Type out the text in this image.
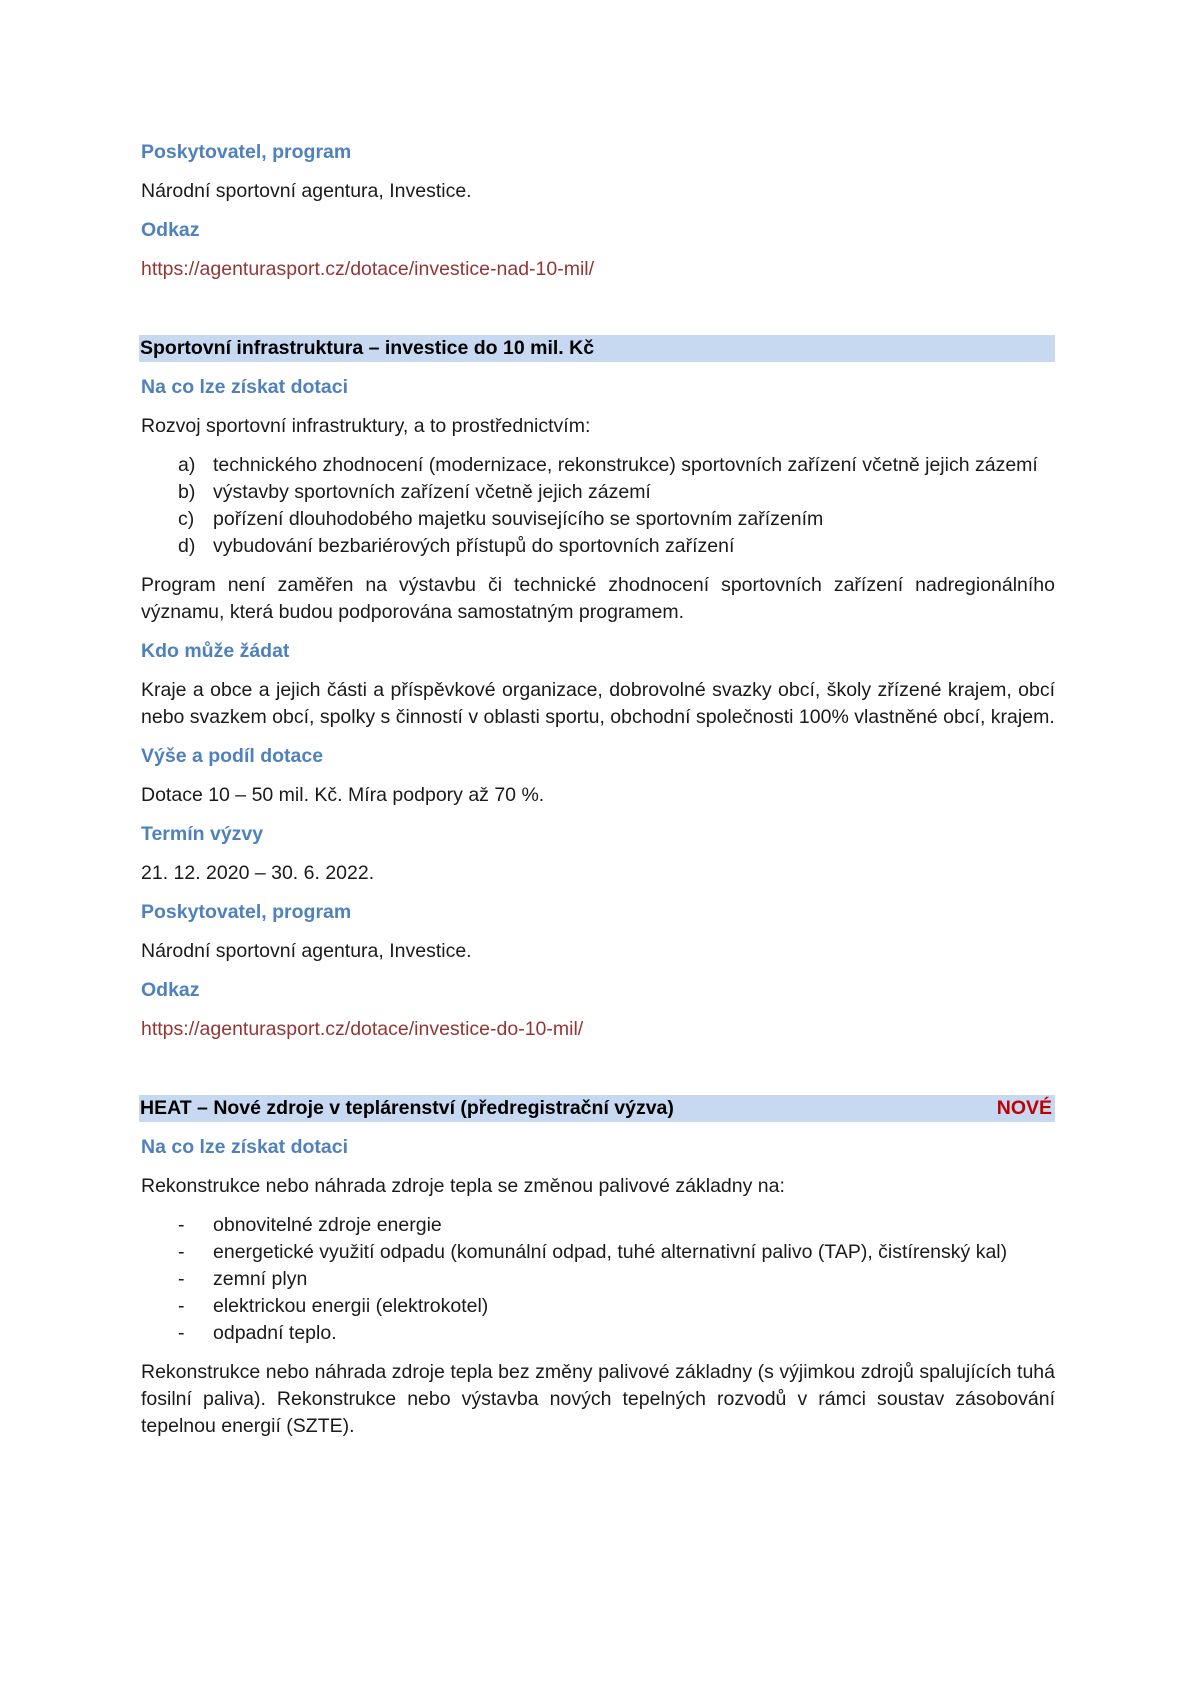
Poskytovatel, program
Národní sportovní agentura, Investice.
Odkaz
https://agenturasport.cz/dotace/investice-nad-10-mil/
Sportovní infrastruktura – investice do 10 mil. Kč
Na co lze získat dotaci
Rozvoj sportovní infrastruktury, a to prostřednictvím:
a) technického zhodnocení (modernizace, rekonstrukce) sportovních zařízení včetně jejich zázemí
b) výstavby sportovních zařízení včetně jejich zázemí
c) pořízení dlouhodobého majetku souvisejícího se sportovním zařízením
d) vybudování bezbariérových přístupů do sportovních zařízení
Program není zaměřen na výstavbu či technické zhodnocení sportovních zařízení nadregionálního významu, která budou podporována samostatným programem.
Kdo může žádat
Kraje a obce a jejich části a příspěvkové organizace, dobrovolné svazky obcí, školy zřízené krajem, obcí nebo svazkem obcí, spolky s činností v oblasti sportu, obchodní společnosti 100% vlastněné obcí, krajem.
Výše a podíl dotace
Dotace 10 – 50 mil. Kč. Míra podpory až 70 %.
Termín výzvy
21. 12. 2020 – 30. 6. 2022.
Poskytovatel, program
Národní sportovní agentura, Investice.
Odkaz
https://agenturasport.cz/dotace/investice-do-10-mil/
HEAT – Nové zdroje v teplárenství (předregistrační výzva)	NOVÉ
Na co lze získat dotaci
Rekonstrukce nebo náhrada zdroje tepla se změnou palivové základny na:
-	obnovitelné zdroje energie
-	energetické využití odpadu (komunální odpad, tuhé alternativní palivo (TAP), čistírenský kal)
-	zemní plyn
-	elektrickou energii (elektrokotel)
-	odpadní teplo.
Rekonstrukce nebo náhrada zdroje tepla bez změny palivové základny (s výjimkou zdrojů spalujících tuhá fosilní paliva). Rekonstrukce nebo výstavba nových tepelných rozvodů v rámci soustav zásobování tepelnou energií (SZTE).
